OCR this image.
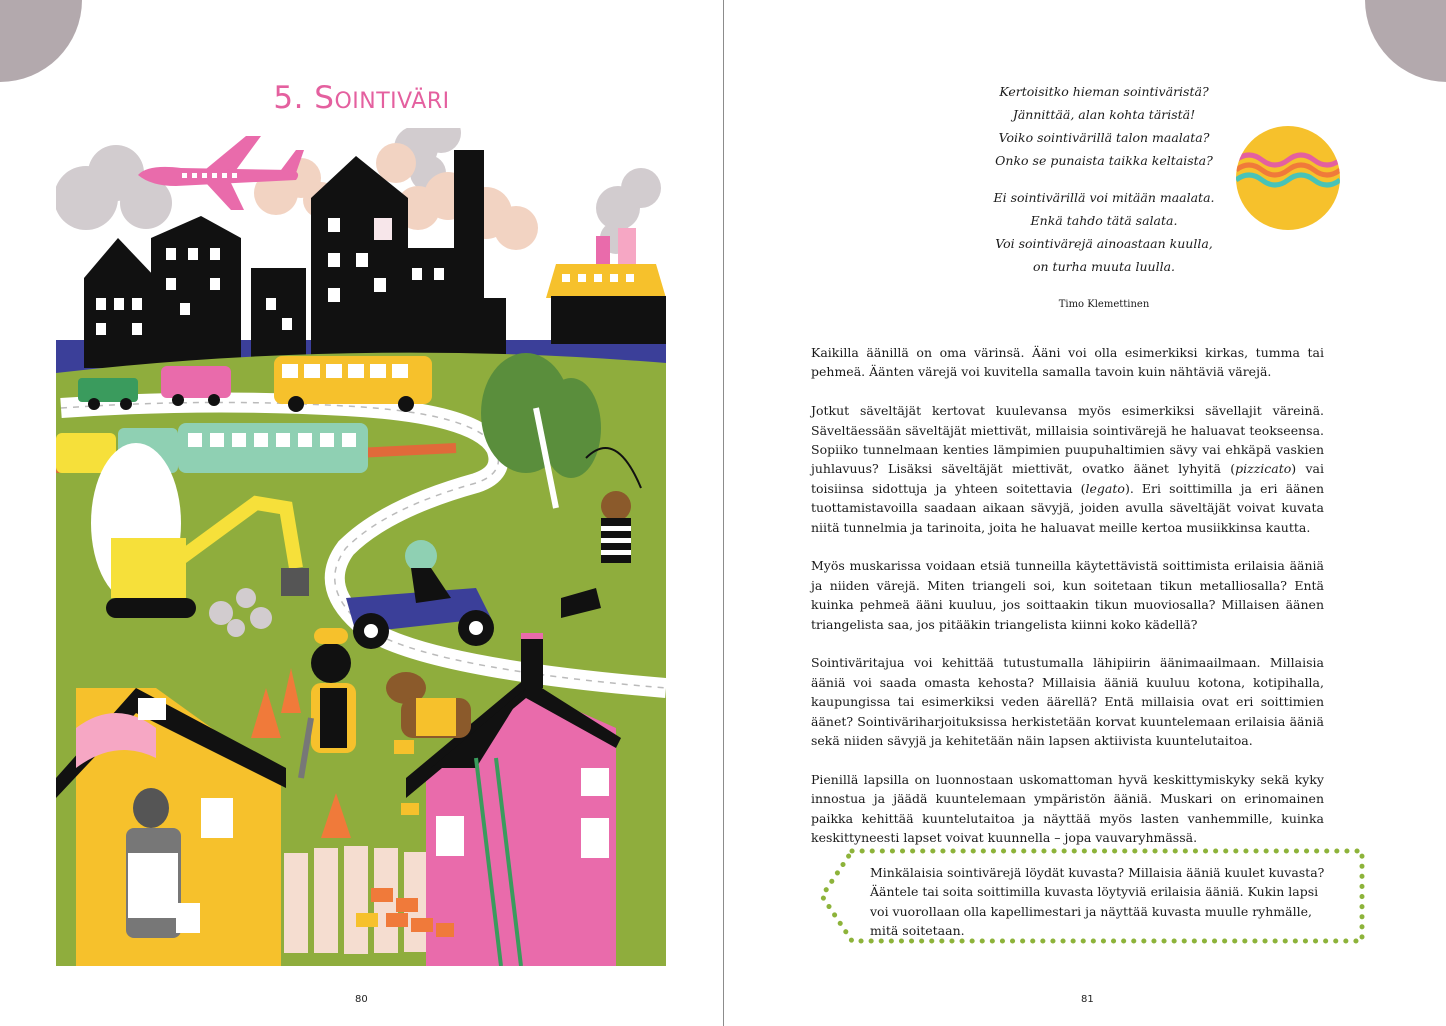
5. Sointiväri
80
Kertoisitko hieman sointiväristä?
Jännittää, alan kohta täristä!
Voiko sointivärillä talon maalata?
Onko se punaista taikka keltaista?
Ei sointivärillä voi mitään maalata.
Enkä tahdo tätä salata.
Voi sointivärejä ainoastaan kuulla,
on turha muuta luulla.
Timo Klemettinen

Kaikilla äänillä on oma värinsä. Ääni voi olla esimerkiksi kirkas, tumma tai pehmeä. Äänten värejä voi kuvitella samalla tavoin kuin nähtäviä värejä.

Jotkut säveltäjät kertovat kuulevansa myös esimerkiksi sävellajit väreinä. Säveltäessään säveltäjät miettivät, millaisia sointivärejä he haluavat teokseensa. Sopiiko tunnelmaan kenties lämpimien puupuhaltimien sävy vai ehkäpä vaskien juhlavuus? Lisäksi säveltäjät miettivät, ovatko äänet lyhyitä (pizzicato) vai toisiinsa sidottuja ja yhteen soitettavia (legato). Eri soittimilla ja eri äänen tuottamistavoilla saadaan aikaan sävyjä, joiden avulla säveltäjät voivat kuvata niitä tunnelmia ja tarinoita, joita he haluavat meille kertoa musiikkinsa kautta.

Myös muskarissa voidaan etsiä tunneilla käytettävistä soittimista erilaisia ääniä ja niiden värejä. Miten triangeli soi, kun soitetaan tikun metalliosalla? Entä kuinka pehmeä ääni kuuluu, jos soittaakin tikun muoviosalla? Millaisen äänen triangelista saa, jos pitääkin triangelista kiinni koko kädellä?

Sointiväritajua voi kehittää tutustumalla lähipiirin äänimaailmaan. Millaisia ääniä voi saada omasta kehosta? Millaisia ääniä kuuluu kotona, kotipihalla, kaupungissa tai esimerkiksi veden äärellä? Entä millaisia ovat eri soittimien äänet? Sointiväriharjoituksissa herkistetään korvat kuuntelemaan erilaisia ääniä sekä niiden sävyjä ja kehitetään näin lapsen aktiivista kuuntelutaitoa.

Pienillä lapsilla on luonnostaan uskomattoman hyvä keskittymiskyky sekä kyky innostua ja jäädä kuuntelemaan ympäristön ääniä. Muskari on erinomainen paikka kehittää kuuntelutaitoa ja näyttää myös lasten vanhemmille, kuinka keskittyneesti lapset voivat kuunnella – jopa vauvaryhmässä.

Minkälaisia sointivärejä löydät kuvasta? Millaisia ääniä kuulet kuvasta?
Ääntele tai soita soittimilla kuvasta löytyviä erilaisia ääniä. Kukin lapsi voi vuorollaan olla kapellimestari ja näyttää kuvasta muulle ryhmälle, mitä soitetaan.
81
